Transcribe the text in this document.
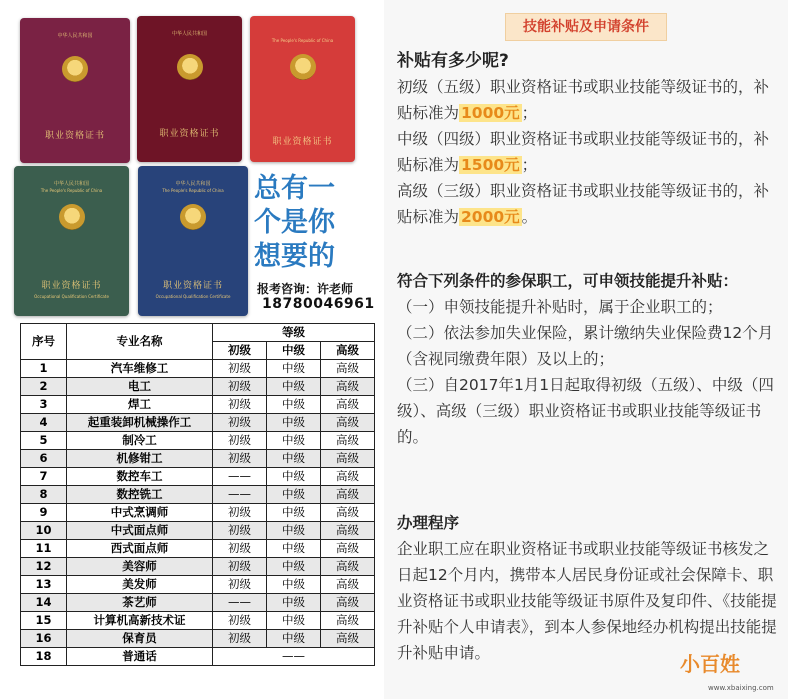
中华人民共和国
职业资格证书
中华人民共和国
职业资格证书
The People's Republic of China
职业资格证书
中华人民共和国
The People's Republic of China
职业资格证书
Occupational Qualification Certificate
中华人民共和国
The People's Republic of China
职业资格证书
Occupational Qualification Certificate
总有一
个是你
想要的
报考咨询：许老师
18780046961
序号	专业名称	等级		
		初级	中级	高级
1	汽车维修工	初级	中级	高级
2	电工	初级	中级	高级
3	焊工	初级	中级	高级
4	起重装卸机械操作工	初级	中级	高级
5	制冷工	初级	中级	高级
6	机修钳工	初级	中级	高级
7	数控车工	——	中级	高级
8	数控铣工	——	中级	高级
9	中式烹调师	初级	中级	高级
10	中式面点师	初级	中级	高级
11	西式面点师	初级	中级	高级
12	美容师	初级	中级	高级
13	美发师	初级	中级	高级
14	茶艺师	——	中级	高级
15	计算机高新技术证	初级	中级	高级
16	保育员	初级	中级	高级
18	普通话	——		
技能补贴及申请条件
补贴有多少呢?
初级（五级）职业资格证书或职业技能等级证书的，补贴标准为 1000元 ；
中级（四级）职业资格证书或职业技能等级证书的，补贴标准为 1500元 ；
高级（三级）职业资格证书或职业技能等级证书的，补贴标准为 2000元 。
符合下列条件的参保职工，可申领技能提升补贴：
（一）申领技能提升补贴时，属于企业职工的；
（二）依法参加失业保险，累计缴纳失业保险费12个月（含视同缴费年限）及以上的；
（三）自2017年1月1日起取得初级（五级）、中级（四级）、高级（三级）职业资格证书或职业技能等级证书的。
办理程序
企业职工应在职业资格证书或职业技能等级证书核发之日起12个月内，携带本人居民身份证或社会保障卡、职业资格证书或职业技能等级证书原件及复印件、《技能提升补贴个人申请表》，到本人参保地经办机构提出技能提升补贴申请。	小百姓
www.xbaixing.com
